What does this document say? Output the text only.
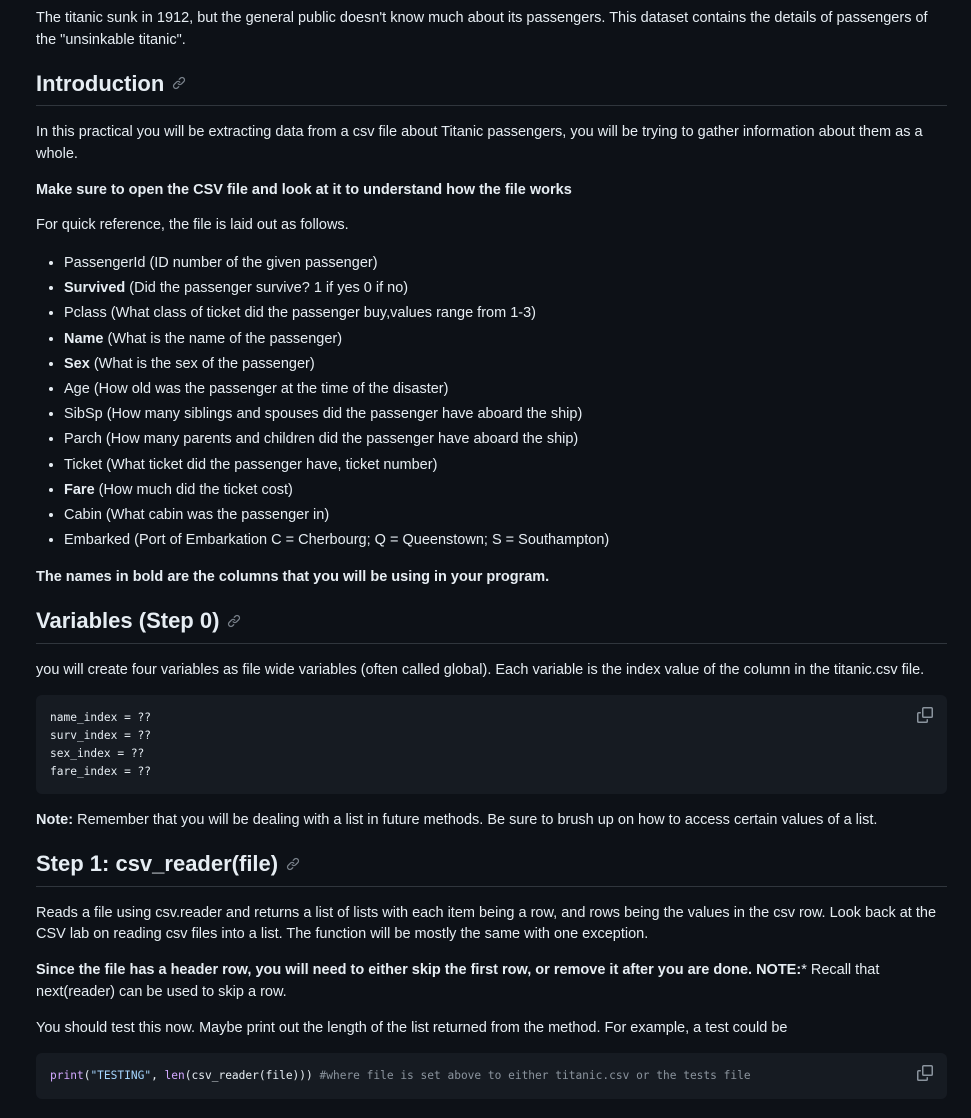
The titanic sunk in 1912, but the general public doesn't know much about its passengers. This dataset contains the details of passengers of the "unsinkable titanic".

Introduction

In this practical you will be extracting data from a csv file about Titanic passengers, you will be trying to gather information about them as a whole.

Make sure to open the CSV file and look at it to understand how the file works

For quick reference, the file is laid out as follows.

• PassengerId (ID number of the given passenger)
• Survived (Did the passenger survive? 1 if yes 0 if no)
• Pclass (What class of ticket did the passenger buy,values range from 1-3)
• Name (What is the name of the passenger)
• Sex (What is the sex of the passenger)
• Age (How old was the passenger at the time of the disaster)
• SibSp (How many siblings and spouses did the passenger have aboard the ship)
• Parch (How many parents and children did the passenger have aboard the ship)
• Ticket (What ticket did the passenger have, ticket number)
• Fare (How much did the ticket cost)
• Cabin (What cabin was the passenger in)
• Embarked (Port of Embarkation C = Cherbourg; Q = Queenstown; S = Southampton)

The names in bold are the columns that you will be using in your program.

Variables (Step 0)

you will create four variables as file wide variables (often called global). Each variable is the index value of the column in the titanic.csv file.

name_index = ??
surv_index = ??
sex_index = ??
fare_index = ??

Note: Remember that you will be dealing with a list in future methods. Be sure to brush up on how to access certain values of a list.

Step 1: csv_reader(file)

Reads a file using csv.reader and returns a list of lists with each item being a row, and rows being the values in the csv row. Look back at the CSV lab on reading csv files into a list. The function will be mostly the same with one exception.

Since the file has a header row, you will need to either skip the first row, or remove it after you are done. NOTE:* Recall that next(reader) can be used to skip a row.

You should test this now. Maybe print out the length of the list returned from the method. For example, a test could be

print("TESTING", len(csv_reader(file))) #where file is set above to either titanic.csv or the tests file
